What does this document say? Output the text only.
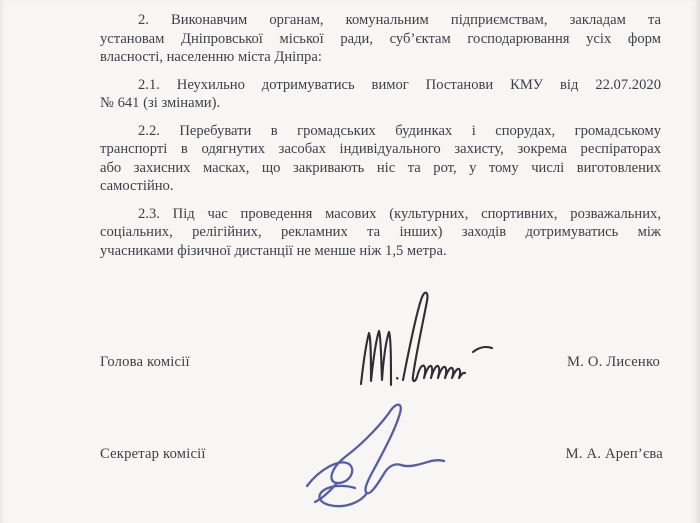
2. Виконавчим органам, комунальним підприємствам, закладам та
установам Дніпровської міської ради, суб’єктам господарювання усіх форм
власності, населенню міста Дніпра:

2.1. Неухильно дотримуватись вимог Постанови КМУ від 22.07.2020
№ 641 (зі змінами).

2.2. Перебувати в громадських будинках і спорудах, громадському
транспорті в одягнутих засобах індивідуального захисту, зокрема респіраторах
або захисних масках, що закривають ніс та рот, у тому числі виготовлених
самостійно.

2.3. Під час проведення масових (культурних, спортивних, розважальних,
соціальних, релігійних, рекламних та інших) заходів дотримуватись між
учасниками фізичної дистанції не менше ніж 1,5 метра.

Голова комісії	М. О. Лисенко
Секретар комісії	М. А. Ареп’єва
